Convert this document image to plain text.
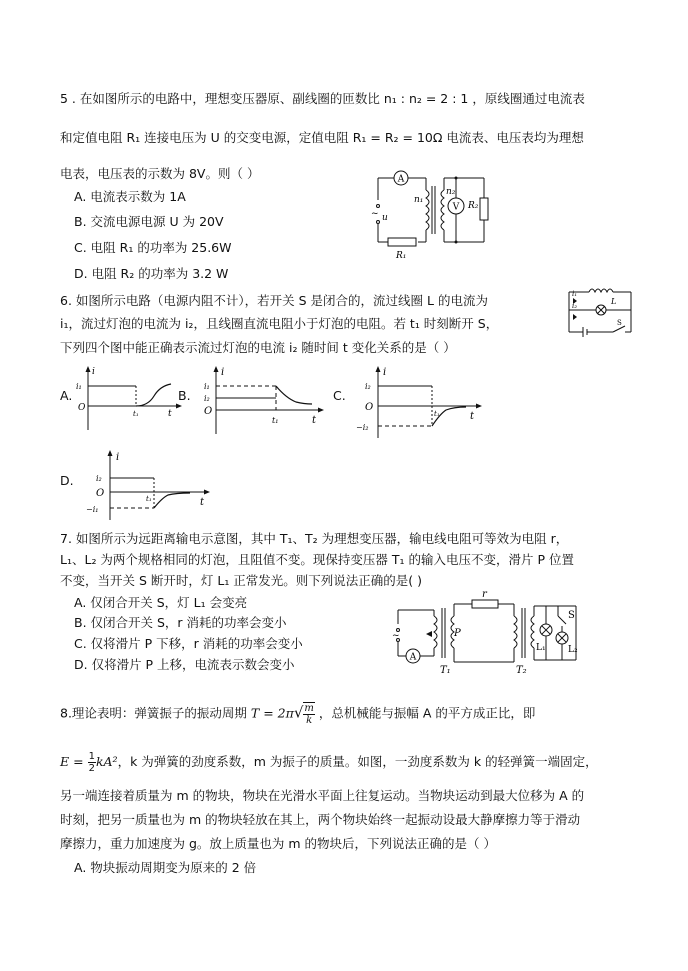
5 . 在如图所示的电路中，理想变压器原、副线圈的匝数比 n₁ : n₂ = 2 : 1 ，原线圈通过电流表
和定值电阻 R₁ 连接电压为 U 的交变电源，定值电阻 R₁ = R₂ = 10Ω 电流表、电压表均为理想
电表，电压表的示数为 8V。则（ ）
A. 电流表示数为 1A
B. 交流电源电源 U 为 20V
C. 电阻 R₁ 的功率为 25.6W
D. 电阻 R₂ 的功率为 3.2 W
A
V
n₁
n₂
R₂
R₁
~ u
6. 如图所示电路（电源内阻不计），若开关 S 是闭合的，流过线圈 L 的电流为
i₁，流过灯泡的电流为 i₂，且线圈直流电阻小于灯泡的电阻。若 t₁ 时刻断开 S，
下列四个图中能正确表示流过灯泡的电流 i₂ 随时间 t 变化关系的是（ ）
i₁
i₂	L
S
A.
i
i₁
O
t₁	t
B.
i
i₁
i₂
O
t₁	t
C.
i
i₂
O
−i₂
t₁	t
D.
i
i₂
O
−i₁
t₁	t
7. 如图所示为远距离输电示意图，其中 T₁、T₂ 为理想变压器，输电线电阻可等效为电阻 r，
L₁、L₂ 为两个规格相同的灯泡，且阻值不变。现保持变压器 T₁ 的输入电压不变，滑片 P 位置
不变，当开关 S 断开时，灯 L₁ 正常发光。则下列说法正确的是( )
A. 仅闭合开关 S，灯 L₁ 会变亮
B. 仅闭合开关 S，r 消耗的功率会变小
C. 仅将滑片 P 下移，r 消耗的功率会变小
D. 仅将滑片 P 上移，电流表示数会变小	A
~
r
P
T₁	T₂
S
L₁ L₂
8.理论表明：弹簧振子的振动周期 $T = 2\pi√ \frac{m}{k}$ ，总机械能与振幅 A 的平方成正比，即
$E = \frac{1}{2} kA^2$，k 为弹簧的劲度系数，m 为振子的质量。如图，一劲度系数为 k 的轻弹簧一端固定，
另一端连接着质量为 m 的物块，物块在光滑水平面上往复运动。当物块运动到最大位移为 A 的
时刻，把另一质量也为 m 的物块轻放在其上，两个物块始终一起振动设最大静摩擦力等于滑动
摩擦力，重力加速度为 g。放上质量也为 m 的物块后，下列说法正确的是（ ）
A. 物块振动周期变为原来的 2 倍
